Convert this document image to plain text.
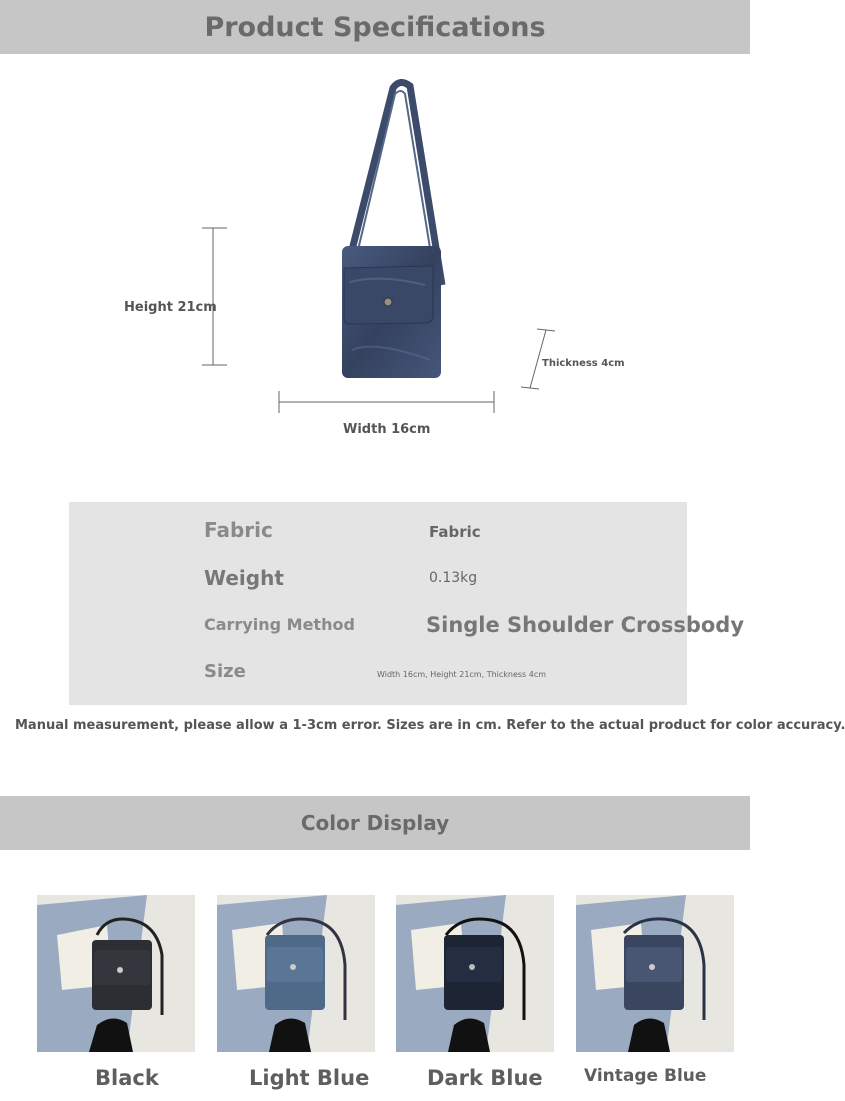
Product Specifications
Height 21cm
Width 16cm
Thickness 4cm
Fabric	Fabric
Weight	0.13kg
Carrying Method	Single Shoulder Crossbody
Size	Width 16cm, Height 21cm, Thickness 4cm
Manual measurement, please allow a 1-3cm error. Sizes are in cm. Refer to the actual product for color accuracy.
Color Display
Black	Light Blue	Dark Blue Vintage Blue
